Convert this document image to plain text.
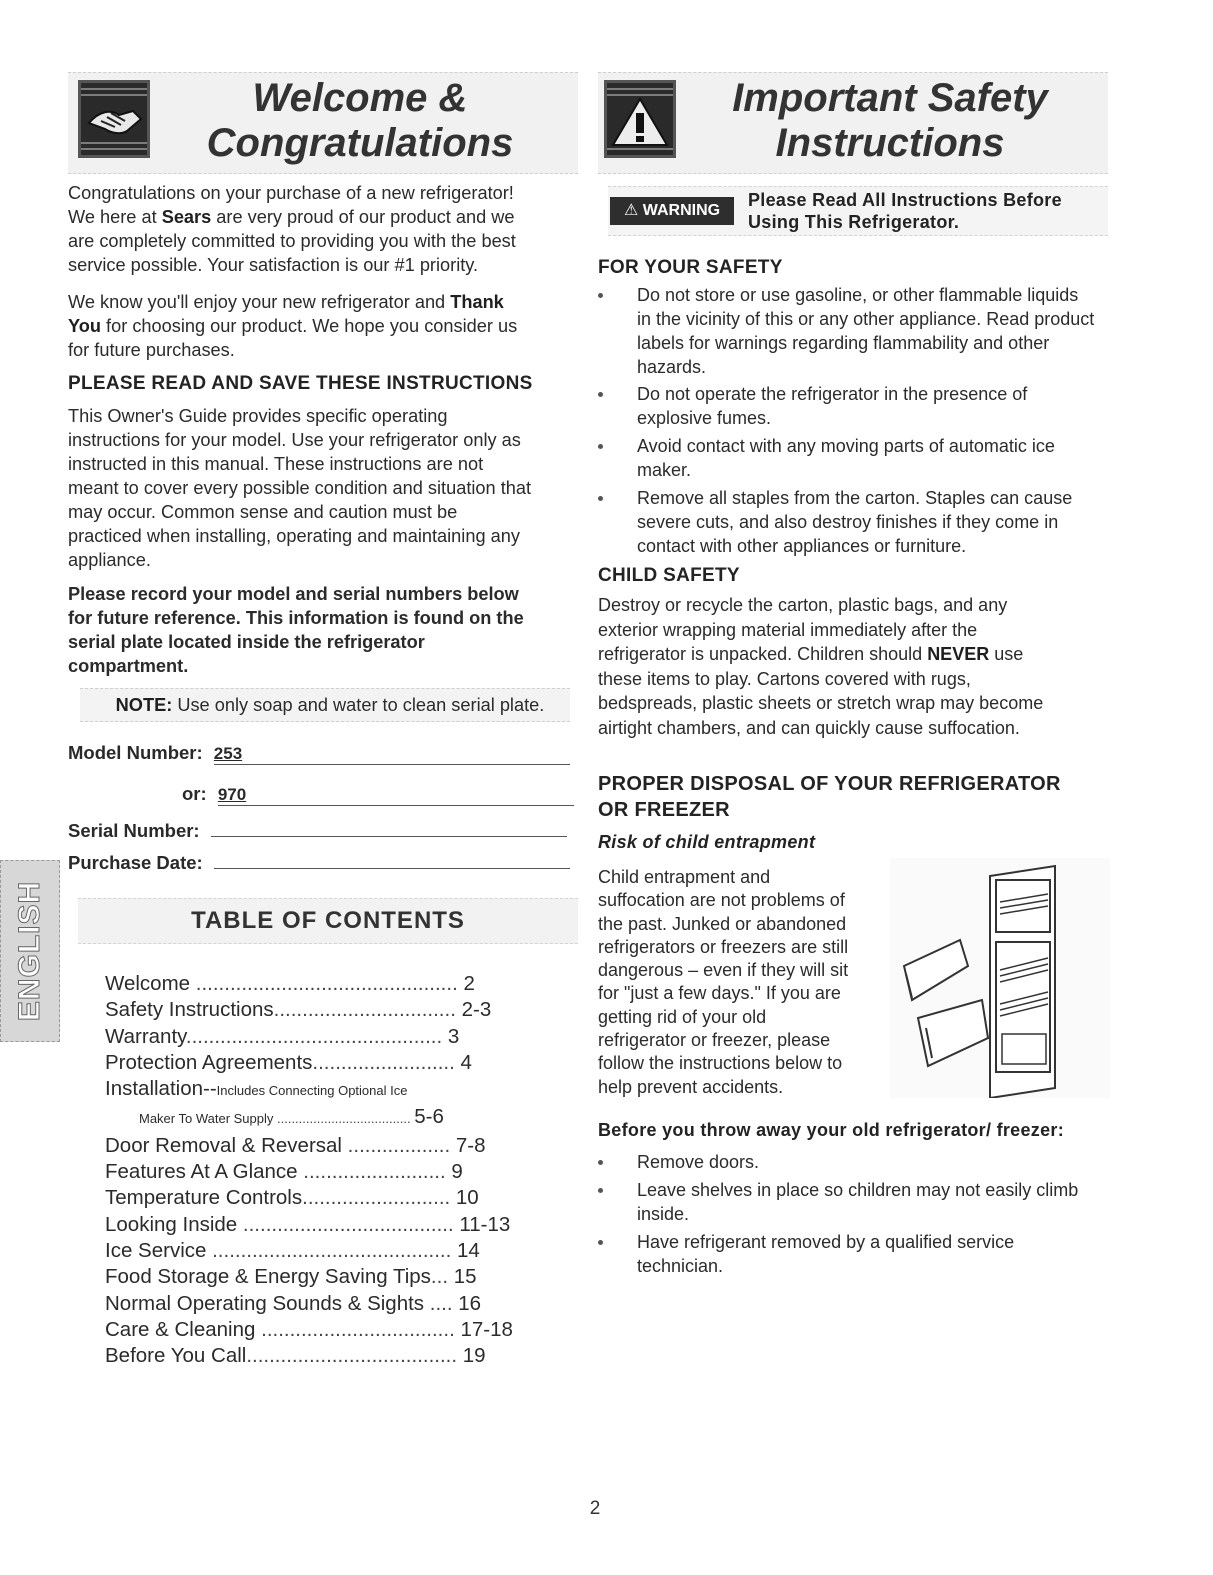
Welcome &
Congratulations
Important Safety
Instructions
Congratulations on your purchase of a new refrigerator!
We here at Sears are very proud of our product and we
are completely committed to providing you with the best
service possible. Your satisfaction is our #1 priority.
We know you'll enjoy your new refrigerator and Thank
You for choosing our product. We hope you consider us
for future purchases.
PLEASE READ AND SAVE THESE INSTRUCTIONS
This Owner's Guide provides specific operating
instructions for your model. Use your refrigerator only as
instructed in this manual. These instructions are not
meant to cover every possible condition and situation that
may occur. Common sense and caution must be
practiced when installing, operating and maintaining any
appliance.
Please record your model and serial numbers below
for future reference. This information is found on the
serial plate located inside the refrigerator
compartment.
NOTE: Use only soap and water to clean serial plate.
Model Number: 253
or: 970
Serial Number:
Purchase Date:
ENGLISH	TABLE OF CONTENTS
Welcome .............................................. 2
Safety Instructions................................ 2-3
Warranty............................................. 3
Protection Agreements......................... 4
Installation--Includes Connecting Optional Ice
Maker To Water Supply ..................................... 5-6
Door Removal & Reversal .................. 7-8
Features At A Glance ......................... 9
Temperature Controls.......................... 10
Looking Inside ..................................... 11-13
Ice Service .......................................... 14
Food Storage & Energy Saving Tips... 15
Normal Operating Sounds & Sights .... 16
Care & Cleaning .................................. 17-18
Before You Call..................................... 19
⚠ WARNING
Please Read All Instructions Before
Using This Refrigerator.
FOR YOUR SAFETY
Do not store or use gasoline, or other flammable liquids
in the vicinity of this or any other appliance. Read product
labels for warnings regarding flammability and other
hazards.
Do not operate the refrigerator in the presence of
explosive fumes.
Avoid contact with any moving parts of automatic ice
maker.
Remove all staples from the carton. Staples can cause
severe cuts, and also destroy finishes if they come in
contact with other appliances or furniture.
CHILD SAFETY
Destroy or recycle the carton, plastic bags, and any
exterior wrapping material immediately after the
refrigerator is unpacked. Children should NEVER use
these items to play. Cartons covered with rugs,
bedspreads, plastic sheets or stretch wrap may become
airtight chambers, and can quickly cause suffocation.
PROPER DISPOSAL OF YOUR REFRIGERATOR
OR FREEZER
Risk of child entrapment
Child entrapment and
suffocation are not problems of
the past. Junked or abandoned
refrigerators or freezers are still
dangerous – even if they will sit
for "just a few days." If you are
getting rid of your old
refrigerator or freezer, please
follow the instructions below to
help prevent accidents.
Before you throw away your old refrigerator/ freezer:
Remove doors.
Leave shelves in place so children may not easily climb
inside.
Have refrigerant removed by a qualified service
technician.
2
